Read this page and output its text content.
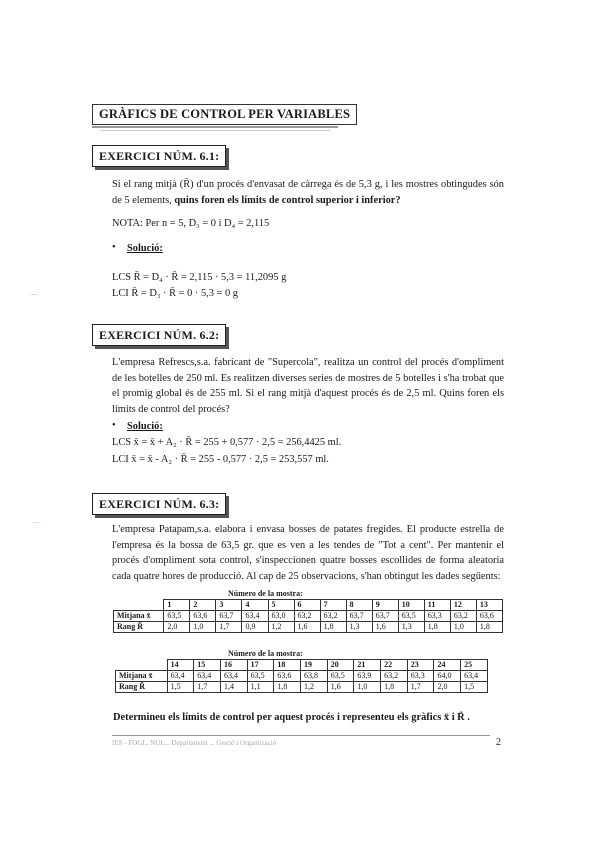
GRÀFICS DE CONTROL PER VARIABLES
EXERCICI NÚM. 6.1:
Si el rang mitjà (R̄) d'un procés d'envasat de càrrega és de 5,3 g, i les mostres obtingudes són de 5 elements, quins foren els límits de control superior i inferior?
NOTA: Per n = 5, D₃ = 0 i D₄ = 2,115
• Solució:
LCS R̄ = D₄ · R̄ = 2,115 · 5,3 = 11,2095 g
LCI R̄ = D₃ · R̄ = 0 · 5,3 = 0 g
⌒
EXERCICI NÚM. 6.2:
L'empresa Refrescs,s.a. fabricant de "Supercola", realitza un control del procés d'ompliment de les botelles de 250 ml. Es realitzen diverses series de mostres de 5 botelles i s'ha trobat que el promig global és de 255 ml. Si el rang mitjà d'aquest procés és de 2,5 ml. Quins foren els límits de control del procés?
• Solució:
LCS x̄ = x̄ + A₂ · R̄ = 255 + 0,577 · 2,5 = 256,4425 ml.
LCI x̄ = x̄ - A₂ · R̄ = 255 - 0,577 · 2,5 = 253,557 ml.
EXERCICI NÚM. 6.3:
⌒	L'empresa Patapam,s.a. elabora i envasa bosses de patates fregides. El producte estrella de l'empresa és la bossa de 63,5 gr. que es ven a les tendes de "Tot a cent". Per mantenir el procés d'ompliment sota control, s'inspeccionen quatre bosses escollides de forma aleatoria cada quatre hores de producció. Al cap de 25 observacions, s'han obtingut les dades següents:
Número de la mostra:
	1	2	3	4	5	6	7	8	9	10	11	12	13
Mitjana x̄	63,5	63,6	63,7	63,4	63,0	63,2	63,2	63,7	63,7	63,5	63,3	63,2	63,6
Rang R̄	2,0	1,0	1,7	0,9	1,2	1,6	1,8	1,3	1,6	1,3	1,8	1,0	1,8
Número de la mostra:
	14	15	16	17	18	19	20	21	22	23	24	25
Mitjana x̄	63,4	63,4	63,4	63,5	63,6	63,8	63,5	63,9	63,2	63,3	64,0	63,4
Rang R̄	1,5	1,7	1,4	1,1	1,8	1,2	1,6	1,0	1,8	1,7	2,0	1,5
Determineu els límits de control per aquest procés i representeu els gràfics x̄ i R̄ .
IES - FOGL, NUL... Departament ... Gestió i Organització	2
